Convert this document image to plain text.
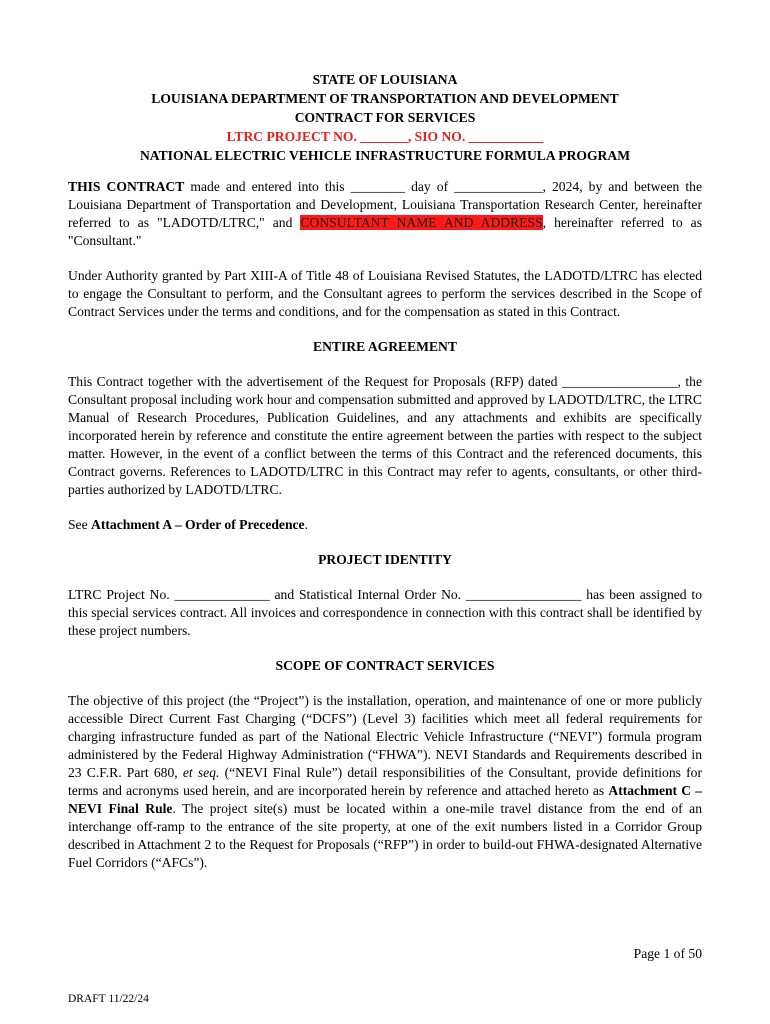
STATE OF LOUISIANA
LOUISIANA DEPARTMENT OF TRANSPORTATION AND DEVELOPMENT
CONTRACT FOR SERVICES
LTRC PROJECT NO. _______, SIO NO. ___________
NATIONAL ELECTRIC VEHICLE INFRASTRUCTURE FORMULA PROGRAM

THIS CONTRACT made and entered into this ________ day of _____________, 2024, by and between the Louisiana Department of Transportation and Development, Louisiana Transportation Research Center, hereinafter referred to as "LADOTD/LTRC," and CONSULTANT NAME AND ADDRESS, hereinafter referred to as "Consultant."

Under Authority granted by Part XIII-A of Title 48 of Louisiana Revised Statutes, the LADOTD/LTRC has elected to engage the Consultant to perform, and the Consultant agrees to perform the services described in the Scope of Contract Services under the terms and conditions, and for the compensation as stated in this Contract.

ENTIRE AGREEMENT

This Contract together with the advertisement of the Request for Proposals (RFP) dated _________________, the Consultant proposal including work hour and compensation submitted and approved by LADOTD/LTRC, the LTRC Manual of Research Procedures, Publication Guidelines, and any attachments and exhibits are specifically incorporated herein by reference and constitute the entire agreement between the parties with respect to the subject matter. However, in the event of a conflict between the terms of this Contract and the referenced documents, this Contract governs. References to LADOTD/LTRC in this Contract may refer to agents, consultants, or other third-parties authorized by LADOTD/LTRC.

See Attachment A – Order of Precedence.

PROJECT IDENTITY

LTRC Project No. ______________ and Statistical Internal Order No. _________________ has been assigned to this special services contract. All invoices and correspondence in connection with this contract shall be identified by these project numbers.

SCOPE OF CONTRACT SERVICES

The objective of this project (the “Project”) is the installation, operation, and maintenance of one or more publicly accessible Direct Current Fast Charging (“DCFS”) (Level 3) facilities which meet all federal requirements for charging infrastructure funded as part of the National Electric Vehicle Infrastructure (“NEVI”) formula program administered by the Federal Highway Administration (“FHWA”). NEVI Standards and Requirements described in 23 C.F.R. Part 680, et seq. (“NEVI Final Rule”) detail responsibilities of the Consultant, provide definitions for terms and acronyms used herein, and are incorporated herein by reference and attached hereto as Attachment C – NEVI Final Rule. The project site(s) must be located within a one-mile travel distance from the end of an interchange off-ramp to the entrance of the site property, at one of the exit numbers listed in a Corridor Group described in Attachment 2 to the Request for Proposals (“RFP”) in order to build-out FHWA-designated Alternative Fuel Corridors (“AFCs”).

Page 1 of 50
DRAFT 11/22/24
